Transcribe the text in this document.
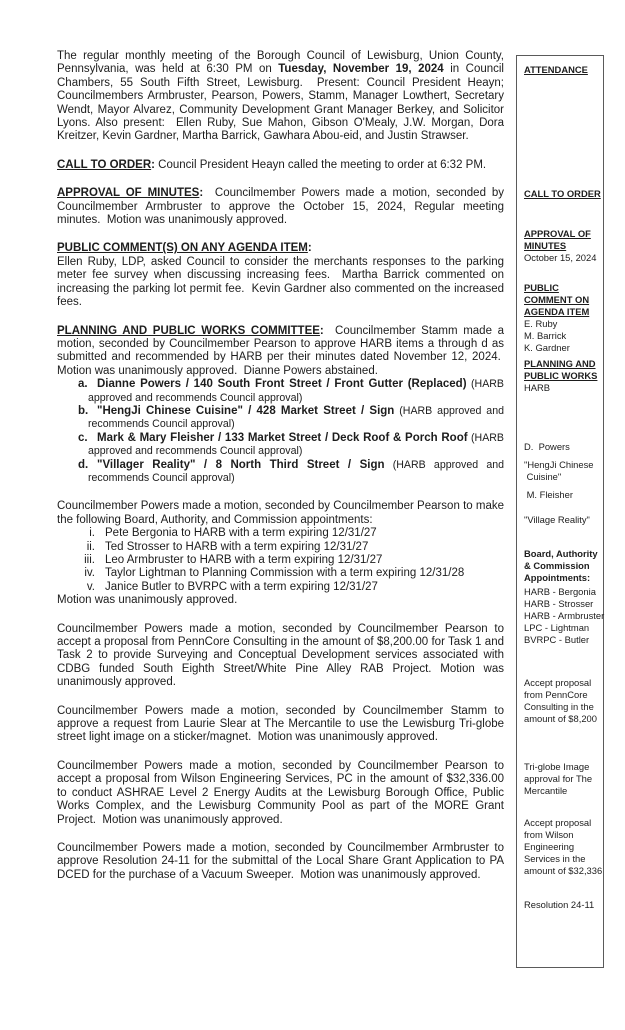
The regular monthly meeting of the Borough Council of Lewisburg, Union County, Pennsylvania, was held at 6:30 PM on Tuesday, November 19, 2024 in Council Chambers, 55 South Fifth Street, Lewisburg.  Present: Council President Heayn; Councilmembers Armbruster, Pearson, Powers, Stamm, Manager Lowthert, Secretary Wendt, Mayor Alvarez, Community Development Grant Manager Berkey, and Solicitor Lyons. Also present:  Ellen Ruby, Sue Mahon, Gibson O'Mealy, J.W. Morgan, Dora Kreitzer, Kevin Gardner, Martha Barrick, Gawhara Abou-eid, and Justin Strawser.

CALL TO ORDER: Council President Heayn called the meeting to order at 6:32 PM.

APPROVAL OF MINUTES:  Councilmember Powers made a motion, seconded by Councilmember Armbruster to approve the October 15, 2024, Regular meeting minutes.  Motion was unanimously approved.

PUBLIC COMMENT(S) ON ANY AGENDA ITEM:

Ellen Ruby, LDP, asked Council to consider the merchants responses to the parking meter fee survey when discussing increasing fees.  Martha Barrick commented on increasing the parking lot permit fee.  Kevin Gardner also commented on the increased fees.

PLANNING AND PUBLIC WORKS COMMITTEE:  Councilmember Stamm made a motion, seconded by Councilmember Pearson to approve HARB items a through d as submitted and recommended by HARB per their minutes dated November 12, 2024.  Motion was unanimously approved.  Dianne Powers abstained.

a. Dianne Powers / 140 South Front Street / Front Gutter (Replaced) (HARB approved and recommends Council approval)
b. "HengJi Chinese Cuisine" / 428 Market Street / Sign (HARB approved and recommends Council approval)
c. Mark & Mary Fleisher / 133 Market Street / Deck Roof & Porch Roof (HARB approved and recommends Council approval)
d. "Villager Reality" / 8 North Third Street / Sign (HARB approved and recommends Council approval)

Councilmember Powers made a motion, seconded by Councilmember Pearson to make the following Board, Authority, and Commission appointments:

i. Pete Bergonia to HARB with a term expiring 12/31/27
ii. Ted Strosser to HARB with a term expiring 12/31/27
iii. Leo Armbruster to HARB with a term expiring 12/31/27
iv. Taylor Lightman to Planning Commission with a term expiring 12/31/28
v. Janice Butler to BVRPC with a term expiring 12/31/27

Motion was unanimously approved.

Councilmember Powers made a motion, seconded by Councilmember Pearson to accept a proposal from PennCore Consulting in the amount of $8,200.00 for Task 1 and Task 2 to provide Surveying and Conceptual Development services associated with CDBG funded South Eighth Street/White Pine Alley RAB Project. Motion was unanimously approved.

Councilmember Powers made a motion, seconded by Councilmember Stamm to approve a request from Laurie Slear at The Mercantile to use the Lewisburg Tri-globe street light image on a sticker/magnet.  Motion was unanimously approved.

Councilmember Powers made a motion, seconded by Councilmember Pearson to accept a proposal from Wilson Engineering Services, PC in the amount of $32,336.00 to conduct ASHRAE Level 2 Energy Audits at the Lewisburg Borough Office, Public Works Complex, and the Lewisburg Community Pool as part of the MORE Grant Project.  Motion was unanimously approved.

Councilmember Powers made a motion, seconded by Councilmember Armbruster to approve Resolution 24-11 for the submittal of the Local Share Grant Application to PA DCED for the purchase of a Vacuum Sweeper.  Motion was unanimously approved.

ATTENDANCE
CALL TO ORDER
APPROVAL OF
MINUTES
October 15, 2024
PUBLIC
COMMENT ON
AGENDA ITEM
E. Ruby
M. Barrick
K. Gardner
PLANNING AND
PUBLIC WORKS
HARB
D.  Powers
"HengJi Chinese
Cuisine"
M. Fleisher
"Village Reality"
Board, Authority
& Commission
Appointments:
HARB - Bergonia
HARB - Strosser
HARB - Armbruster
LPC - Lightman
BVRPC - Butler
Accept proposal
from PennCore
Consulting in the
amount of $8,200
Tri-globe Image
approval for The
Mercantile
Accept proposal
from Wilson
Engineering
Services in the
amount of $32,336
Resolution 24-11
